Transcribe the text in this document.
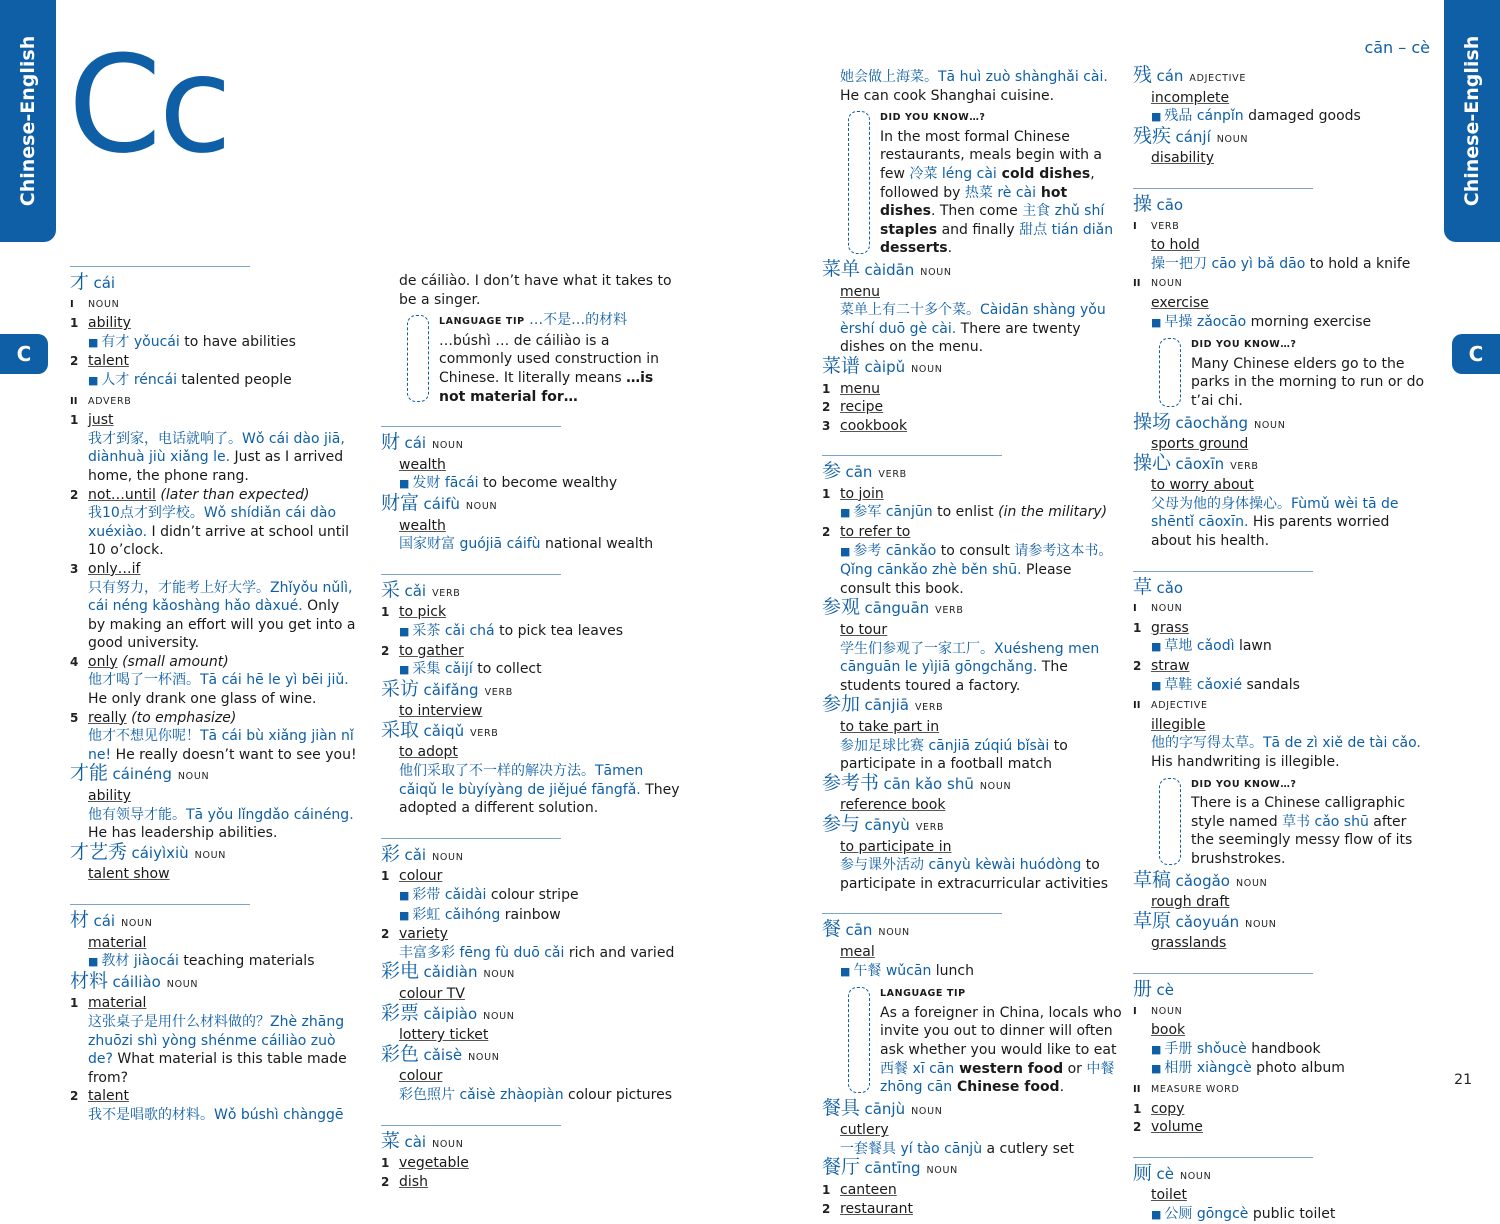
Chinese-English	Chinese-English
C	C
Cc	cān – cè
21
才 cái
I NOUN
1 ability
■ 有才 yǒucái to have abilities
2 talent
■ 人才 réncái talented people
II ADVERB
1 just
我才到家，电话就响了。Wǒ cái dào jiā, diànhuà jiù xiǎng le. Just as I arrived home, the phone rang.
2 not…until (later than expected)
我10点才到学校。Wǒ shídiǎn cái dào xuéxiào. I didn’t arrive at school until 10 o’clock.
3 only…if
只有努力，才能考上好大学。Zhǐyǒu nǔlì, cái néng kǎoshàng hǎo dàxué. Only by making an effort will you get into a good university.
4 only (small amount)
他才喝了一杯酒。Tā cái hē le yì bēi jiǔ. He only drank one glass of wine.
5 really (to emphasize)
他才不想见你呢！Tā cái bù xiǎng jiàn nǐ ne! He really doesn’t want to see you!
才能 cáinéng NOUN
ability
他有领导才能。Tā yǒu lǐngdǎo cáinéng. He has leadership abilities.
才艺秀 cáiyìxiù NOUN
talent show
材 cái NOUN
material
■ 教材 jiàocái teaching materials
材料 cáiliào NOUN
1 material
这张桌子是用什么材料做的？Zhè zhāng zhuōzi shì yòng shénme cáiliào zuò de? What material is this table made from?
2 talent
我不是唱歌的材料。Wǒ búshì chànggē
de cáiliào. I don’t have what it takes to be a singer.
LANGUAGE TIP …不是…的材料
…búshì … de cáiliào is a commonly used construction in Chinese. It literally means …is not material for…
财 cái NOUN
wealth
■ 发财 fācái to become wealthy
财富 cáifù NOUN
wealth
国家财富 guójiā cáifù national wealth
采 cǎi VERB
1 to pick
■ 采茶 cǎi chá to pick tea leaves
2 to gather
■ 采集 cǎijí to collect
采访 cǎifǎng VERB
to interview
采取 cǎiqǔ VERB
to adopt
他们采取了不一样的解决方法。Tāmen cǎiqǔ le bùyíyàng de jiějué fāngfǎ. They adopted a different solution.
彩 cǎi NOUN
1 colour
■ 彩带 cǎidài colour stripe
■ 彩虹 cǎihóng rainbow
2 variety
丰富多彩 fēng fù duō cǎi rich and varied
彩电 cǎidiàn NOUN
colour TV
彩票 cǎipiào NOUN
lottery ticket
彩色 cǎisè NOUN
colour
彩色照片 cǎisè zhàopiàn colour pictures
菜 cài NOUN
1 vegetable
2 dish
她会做上海菜。Tā huì zuò shànghǎi cài. He can cook Shanghai cuisine.
DID YOU KNOW…?
In the most formal Chinese restaurants, meals begin with a few 冷菜 léng cài cold dishes, followed by 热菜 rè cài hot dishes. Then come 主食 zhǔ shí staples and finally 甜点 tián diǎn desserts.
菜单 càidān NOUN
menu
菜单上有二十多个菜。Càidān shàng yǒu èrshí duō gè cài. There are twenty dishes on the menu.
菜谱 càipǔ NOUN
1 menu
2 recipe
3 cookbook
参 cān VERB
1 to join
■ 参军 cānjūn to enlist (in the military)
2 to refer to
■ 参考 cānkǎo to consult 请参考这本书。 Qǐng cānkǎo zhè běn shū. Please consult this book.
参观 cānguān VERB
to tour
学生们参观了一家工厂。Xuésheng men cānguān le yìjiā gōngchǎng. The students toured a factory.
参加 cānjiā VERB
to take part in
参加足球比赛 cānjiā zúqiú bǐsài to participate in a football match
参考书 cān kǎo shū NOUN
reference book
参与 cānyù VERB
to participate in
参与课外活动 cānyù kèwài huódòng to participate in extracurricular activities
餐 cān NOUN
meal
■ 午餐 wǔcān lunch
LANGUAGE TIP
As a foreigner in China, locals who invite you out to dinner will often ask whether you would like to eat 西餐 xī cān western food or 中餐 zhōng cān Chinese food.
餐具 cānjù NOUN
cutlery
一套餐具 yí tào cānjù a cutlery set
餐厅 cāntīng NOUN
1 canteen
2 restaurant
残 cán ADJECTIVE
incomplete
■ 残品 cánpǐn damaged goods
残疾 cánjí NOUN
disability
操 cāo
I VERB
to hold
操一把刀 cāo yì bǎ dāo to hold a knife
II NOUN
exercise
■ 早操 zǎocāo morning exercise
DID YOU KNOW…?
Many Chinese elders go to the parks in the morning to run or do t’ai chi.
操场 cāochǎng NOUN
sports ground
操心 cāoxīn VERB
to worry about
父母为他的身体操心。Fùmǔ wèi tā de shēntǐ cāoxīn. His parents worried about his health.
草 cǎo
I NOUN
1 grass
■ 草地 cǎodì lawn
2 straw
■ 草鞋 cǎoxié sandals
II ADJECTIVE
illegible
他的字写得太草。Tā de zì xiě de tài cǎo. His handwriting is illegible.
DID YOU KNOW…?
There is a Chinese calligraphic style named 草书 cǎo shū after the seemingly messy flow of its brushstrokes.
草稿 cǎogǎo NOUN
rough draft
草原 cǎoyuán NOUN
grasslands
册 cè
I NOUN
book
■ 手册 shǒucè handbook
■ 相册 xiàngcè photo album
II MEASURE WORD
1 copy
2 volume
厕 cè NOUN
toilet
■ 公厕 gōngcè public toilet
